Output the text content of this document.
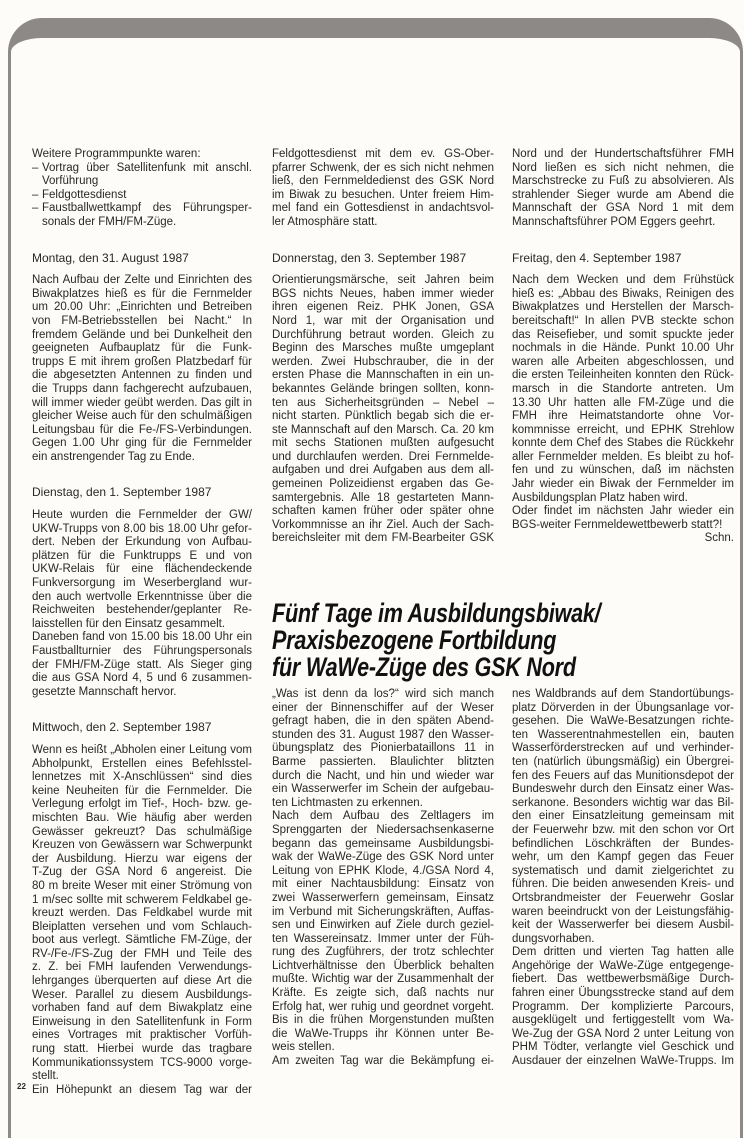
Fünf Tage im Ausbildungsbiwak/
Praxisbezogene Fortbildung
für WaWe-Züge des GSK Nord
Weitere Programmpunkte waren:
– Vortrag über Satellitenfunk mit anschl.
Vorführung
– Feldgottesdienst
– Faustballwettkampf des Führungsper-
sonals der FMH/FM-Züge.
Montag, den 31. August 1987
Nach Aufbau der Zelte und Einrichten des
Biwakplatzes hieß es für die Fernmelder
um 20.00 Uhr: „Einrichten und Betreiben
von FM-Betriebsstellen bei Nacht.“ In
fremdem Gelände und bei Dunkelheit den
geeigneten Aufbauplatz für die Funk-
trupps E mit ihrem großen Platzbedarf für
die abgesetzten Antennen zu finden und
die Trupps dann fachgerecht aufzubauen,
will immer wieder geübt werden. Das gilt in
gleicher Weise auch für den schulmäßigen
Leitungsbau für die Fe-/FS-Verbindungen.
Gegen 1.00 Uhr ging für die Fernmelder
ein anstrengender Tag zu Ende.
Dienstag, den 1. September 1987
Heute wurden die Fernmelder der GW/
UKW-Trupps von 8.00 bis 18.00 Uhr gefor-
dert. Neben der Erkundung von Aufbau-
plätzen für die Funktrupps E und von
UKW-Relais für eine flächendeckende
Funkversorgung im Weserbergland wur-
den auch wertvolle Erkenntnisse über die
Reichweiten bestehender/geplanter Re-
laisstellen für den Einsatz gesammelt.
Daneben fand von 15.00 bis 18.00 Uhr ein
Faustballturnier des Führungspersonals
der FMH/FM-Züge statt. Als Sieger ging
die aus GSA Nord 4, 5 und 6 zusammen-
gesetzte Mannschaft hervor.
Mittwoch, den 2. September 1987
Wenn es heißt „Abholen einer Leitung vom
Abholpunkt, Erstellen eines Befehlsstel-
lennetzes mit X-Anschlüssen“ sind dies
keine Neuheiten für die Fernmelder. Die
Verlegung erfolgt im Tief-, Hoch- bzw. ge-
mischten Bau. Wie häufig aber werden
Gewässer gekreuzt? Das schulmäßige
Kreuzen von Gewässern war Schwerpunkt
der Ausbildung. Hierzu war eigens der
T-Zug der GSA Nord 6 angereist. Die
80 m breite Weser mit einer Strömung von
1 m/sec sollte mit schwerem Feldkabel ge-
kreuzt werden. Das Feldkabel wurde mit
Bleiplatten versehen und vom Schlauch-
boot aus verlegt. Sämtliche FM-Züge, der
RV-/Fe-/FS-Zug der FMH und Teile des
z. Z. bei FMH laufenden Verwendungs-
lehrganges überquerten auf diese Art die
Weser. Parallel zu diesem Ausbildungs-
vorhaben fand auf dem Biwakplatz eine
Einweisung in den Satellitenfunk in Form
eines Vortrages mit praktischer Vorfüh-
rung statt. Hierbei wurde das tragbare
Kommunikationssystem TCS-9000 vorge-
stellt.
Ein Höhepunkt an diesem Tag war der
Feldgottesdienst mit dem ev. GS-Ober-
pfarrer Schwenk, der es sich nicht nehmen
ließ, den Fernmeldedienst des GSK Nord
im Biwak zu besuchen. Unter freiem Him-
mel fand ein Gottesdienst in andachtsvol-
ler Atmosphäre statt.
Donnerstag, den 3. September 1987
Orientierungsmärsche, seit Jahren beim
BGS nichts Neues, haben immer wieder
ihren eigenen Reiz. PHK Jonen, GSA
Nord 1, war mit der Organisation und
Durchführung betraut worden. Gleich zu
Beginn des Marsches mußte umgeplant
werden. Zwei Hubschrauber, die in der
ersten Phase die Mannschaften in ein un-
bekanntes Gelände bringen sollten, konn-
ten aus Sicherheitsgründen – Nebel –
nicht starten. Pünktlich begab sich die er-
ste Mannschaft auf den Marsch. Ca. 20 km
mit sechs Stationen mußten aufgesucht
und durchlaufen werden. Drei Fernmelde-
aufgaben und drei Aufgaben aus dem all-
gemeinen Polizeidienst ergaben das Ge-
samtergebnis. Alle 18 gestarteten Mann-
schaften kamen früher oder später ohne
Vorkommnisse an ihr Ziel. Auch der Sach-
bereichsleiter mit dem FM-Bearbeiter GSK
Nord und der Hundertschaftsführer FMH
Nord ließen es sich nicht nehmen, die
Marschstrecke zu Fuß zu absolvieren. Als
strahlender Sieger wurde am Abend die
Mannschaft der GSA Nord 1 mit dem
Mannschaftsführer POM Eggers geehrt.
Freitag, den 4. September 1987
Nach dem Wecken und dem Frühstück
hieß es: „Abbau des Biwaks, Reinigen des
Biwakplatzes und Herstellen der Marsch-
bereitschaft!“ In allen PVB steckte schon
das Reisefieber, und somit spuckte jeder
nochmals in die Hände. Punkt 10.00 Uhr
waren alle Arbeiten abgeschlossen, und
die ersten Teileinheiten konnten den Rück-
marsch in die Standorte antreten. Um
13.30 Uhr hatten alle FM-Züge und die
FMH ihre Heimatstandorte ohne Vor-
kommnisse erreicht, und EPHK Strehlow
konnte dem Chef des Stabes die Rückkehr
aller Fernmelder melden. Es bleibt zu hof-
fen und zu wünschen, daß im nächsten
Jahr wieder ein Biwak der Fernmelder im
Ausbildungsplan Platz haben wird.
Oder findet im nächsten Jahr wieder ein
BGS-weiter Fernmeldewettbewerb statt?!
Schn.
„Was ist denn da los?“ wird sich manch
einer der Binnenschiffer auf der Weser
gefragt haben, die in den späten Abend-
stunden des 31. August 1987 den Wasser-
übungsplatz des Pionierbataillons 11 in
Barme passierten. Blaulichter blitzten
durch die Nacht, und hin und wieder war
ein Wasserwerfer im Schein der aufgebau-
ten Lichtmasten zu erkennen.
Nach dem Aufbau des Zeltlagers im
Sprenggarten der Niedersachsenkaserne
begann das gemeinsame Ausbildungsbi-
wak der WaWe-Züge des GSK Nord unter
Leitung von EPHK Klode, 4./GSA Nord 4,
mit einer Nachtausbildung: Einsatz von
zwei Wasserwerfern gemeinsam, Einsatz
im Verbund mit Sicherungskräften, Auffas-
sen und Einwirken auf Ziele durch geziel-
ten Wassereinsatz. Immer unter der Füh-
rung des Zugführers, der trotz schlechter
Lichtverhältnisse den Überblick behalten
mußte. Wichtig war der Zusammenhalt der
Kräfte. Es zeigte sich, daß nachts nur
Erfolg hat, wer ruhig und geordnet vorgeht.
Bis in die frühen Morgenstunden mußten
die WaWe-Trupps ihr Können unter Be-
weis stellen.
Am zweiten Tag war die Bekämpfung ei-
nes Waldbrands auf dem Standortübungs-
platz Dörverden in der Übungsanlage vor-
gesehen. Die WaWe-Besatzungen richte-
ten Wasserentnahmestellen ein, bauten
Wasserförderstrecken auf und verhinder-
ten (natürlich übungsmäßig) ein Übergrei-
fen des Feuers auf das Munitionsdepot der
Bundeswehr durch den Einsatz einer Was-
serkanone. Besonders wichtig war das Bil-
den einer Einsatzleitung gemeinsam mit
der Feuerwehr bzw. mit den schon vor Ort
befindlichen Löschkräften der Bundes-
wehr, um den Kampf gegen das Feuer
systematisch und damit zielgerichtet zu
führen. Die beiden anwesenden Kreis- und
Ortsbrandmeister der Feuerwehr Goslar
waren beeindruckt von der Leistungsfähig-
keit der Wasserwerfer bei diesem Ausbil-
dungsvorhaben.
Dem dritten und vierten Tag hatten alle
Angehörige der WaWe-Züge entgegenge-
fiebert. Das wettbewerbsmäßige Durch-
fahren einer Übungsstrecke stand auf dem
Programm. Der komplizierte Parcours,
ausgeklügelt und fertiggestellt vom Wa-
We-Zug der GSA Nord 2 unter Leitung von
PHM Tödter, verlangte viel Geschick und
Ausdauer der einzelnen WaWe-Trupps. Im
22
